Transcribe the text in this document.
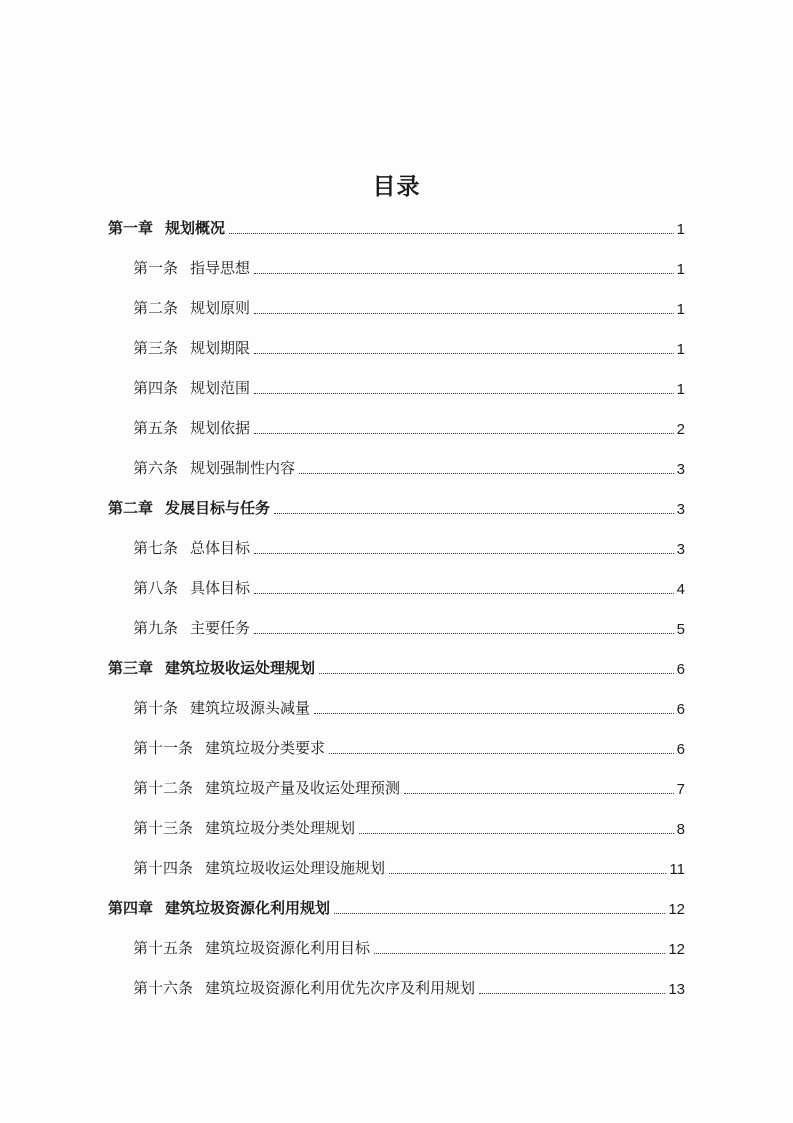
目录
第一章 规划概况	1
第一条 指导思想	1
第二条 规划原则	1
第三条 规划期限	1
第四条 规划范围	1
第五条 规划依据	2
第六条 规划强制性内容	3
第二章 发展目标与任务	3
第七条 总体目标	3
第八条 具体目标	4
第九条 主要任务	5
第三章 建筑垃圾收运处理规划	6
第十条 建筑垃圾源头减量	6
第十一条 建筑垃圾分类要求	6
第十二条 建筑垃圾产量及收运处理预测	7
第十三条 建筑垃圾分类处理规划	8
第十四条 建筑垃圾收运处理设施规划	11
第四章 建筑垃圾资源化利用规划	12
第十五条 建筑垃圾资源化利用目标	12
第十六条 建筑垃圾资源化利用优先次序及利用规划	13
